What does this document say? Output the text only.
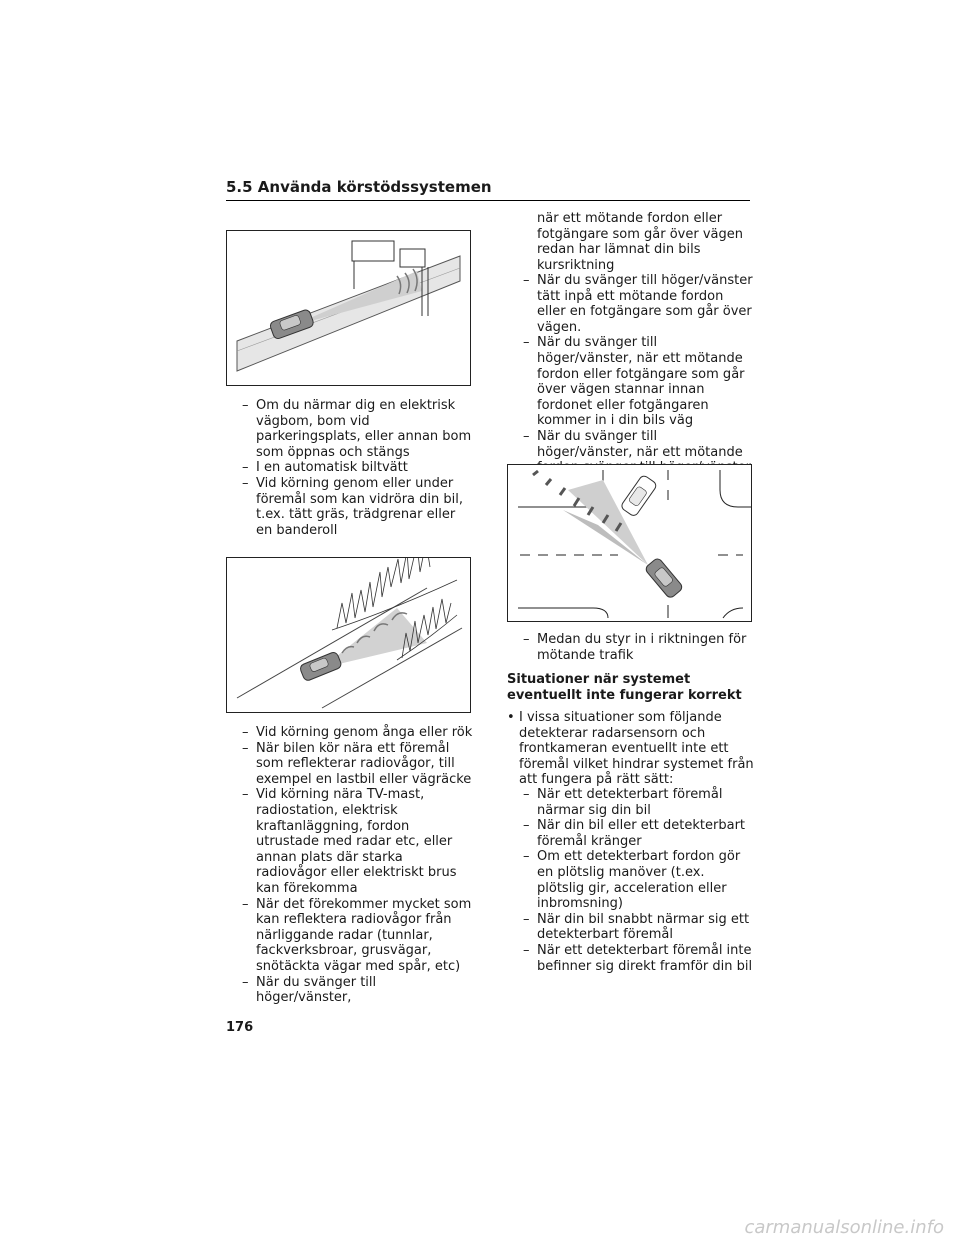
5.5 Använda körstödssystemen
– Om du närmar dig en elektrisk vägbom, bom vid parkeringsplats, eller annan bom som öppnas och stängs
– I en automatisk biltvätt
– Vid körning genom eller under föremål som kan vidröra din bil, t.ex. tätt gräs, trädgrenar eller en banderoll
– Vid körning genom ånga eller rök
– När bilen kör nära ett föremål som reflekterar radiovågor, till exempel en lastbil eller vägräcke
– Vid körning nära TV-mast, radiostation, elektrisk kraftanläggning, fordon utrustade med radar etc, eller annan plats där starka radiovågor eller elektriskt brus kan förekomma
– När det förekommer mycket som kan reflektera radiovågor från närliggande radar (tunnlar, fackverksbroar, grusvägar, snötäckta vägar med spår, etc)
– När du svänger till höger/vänster,
när ett mötande fordon eller fotgängare som går över vägen redan har lämnat din bils kursriktning
– När du svänger till höger/vänster tätt inpå ett mötande fordon eller en fotgängare som går över vägen.
– När du svänger till höger/vänster, när ett mötande fordon eller fotgängare som går över vägen stannar innan fordonet eller fotgängaren kommer in i din bils väg
– När du svänger till höger/vänster, när ett mötande
– Medan du styr in i riktningen för mötande trafik
Situationer när systemet eventuellt inte fungerar korrekt
• I vissa situationer som följande detekterar radarsensorn och frontkameran eventuellt inte ett föremål vilket hindrar systemet från att fungera på rätt sätt:
– När ett detekterbart föremål närmar sig din bil
– När din bil eller ett detekterbart föremål kränger
– Om ett detekterbart fordon gör en plötslig manöver (t.ex. plötslig gir, acceleration eller inbromsning)
– När din bil snabbt närmar sig ett detekterbart föremål
– När ett detekterbart föremål inte befinner sig direkt framför din bil
176
carmanualsonline.info
